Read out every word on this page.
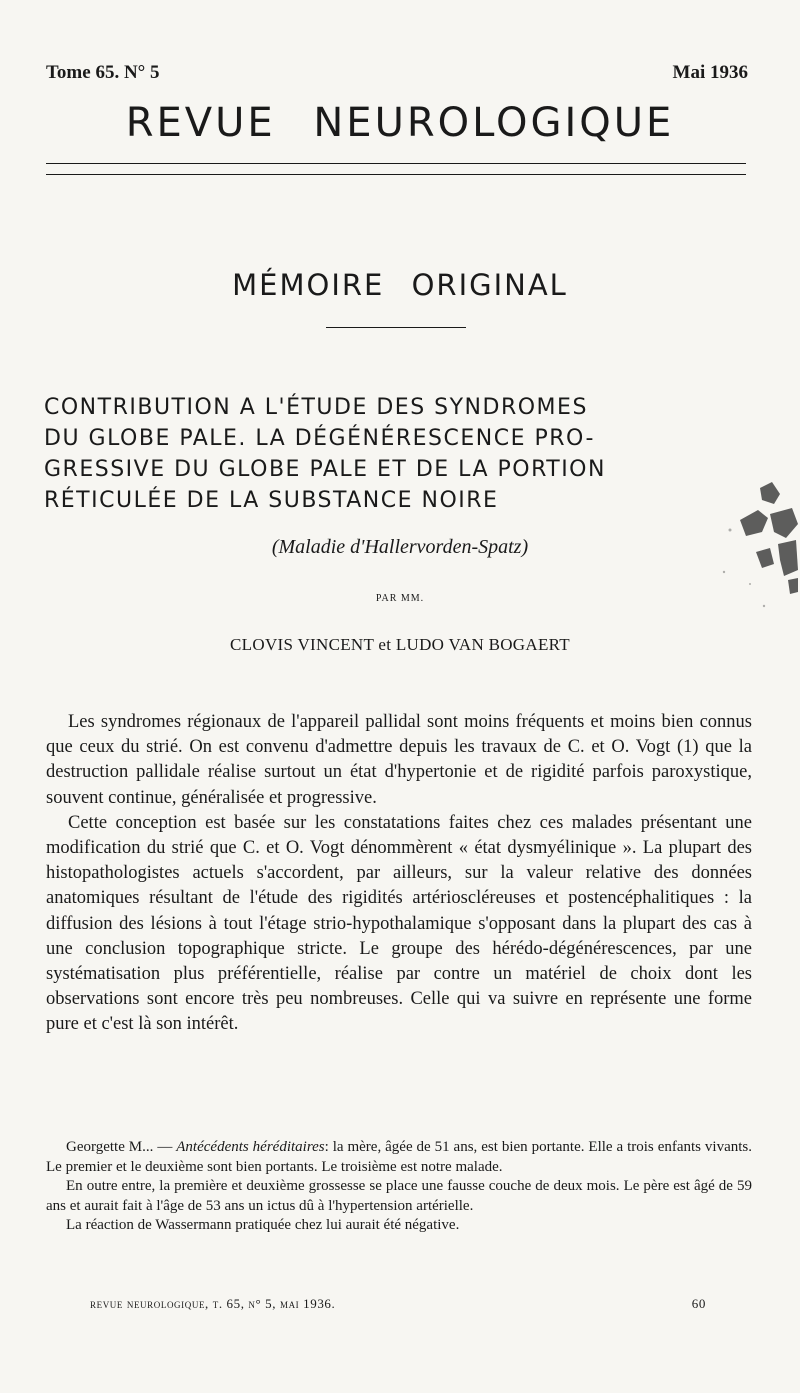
Tome 65. N° 5	Mai 1936
REVUE NEUROLOGIQUE
MÉMOIRE ORIGINAL
CONTRIBUTION A L'ÉTUDE DES SYNDROMES
DU GLOBE PALE. LA DÉGÉNÉRESCENCE PRO-
GRESSIVE DU GLOBE PALE ET DE LA PORTION
RÉTICULÉE DE LA SUBSTANCE NOIRE
(Maladie d'Hallervorden-Spatz)
PAR MM.
CLOVIS VINCENT et LUDO VAN BOGAERT

Les syndromes régionaux de l'appareil pallidal sont moins fréquents et moins bien connus que ceux du strié. On est convenu d'admettre depuis les travaux de C. et O. Vogt (1) que la destruction pallidale réalise surtout un état d'hypertonie et de rigidité parfois paroxystique, souvent continue, généralisée et progressive.

Cette conception est basée sur les constatations faites chez ces malades présentant une modification du strié que C. et O. Vogt dénommèrent « état dysmyélinique ». La plupart des histopathologistes actuels s'accordent, par ailleurs, sur la valeur relative des données anatomiques résultant de l'étude des rigidités artérioscléreuses et postencéphalitiques : la diffusion des lésions à tout l'étage strio-hypothalamique s'opposant dans la plupart des cas à une conclusion topographique stricte. Le groupe des hérédo-dégénérescences, par une systématisation plus préférentielle, réalise par contre un matériel de choix dont les observations sont encore très peu nombreuses. Celle qui va suivre en représente une forme pure et c'est là son intérêt.

Georgette M... — Antécédents héréditaires: la mère, âgée de 51 ans, est bien portante. Elle a trois enfants vivants. Le premier et le deuxième sont bien portants. Le troisième est notre malade.

En outre entre, la première et deuxième grossesse se place une fausse couche de deux mois. Le père est âgé de 59 ans et aurait fait à l'âge de 53 ans un ictus dû à l'hypertension artérielle.

La réaction de Wassermann pratiquée chez lui aurait été négative.

revue neurologique, t. 65, n° 5, mai 1936.	60
